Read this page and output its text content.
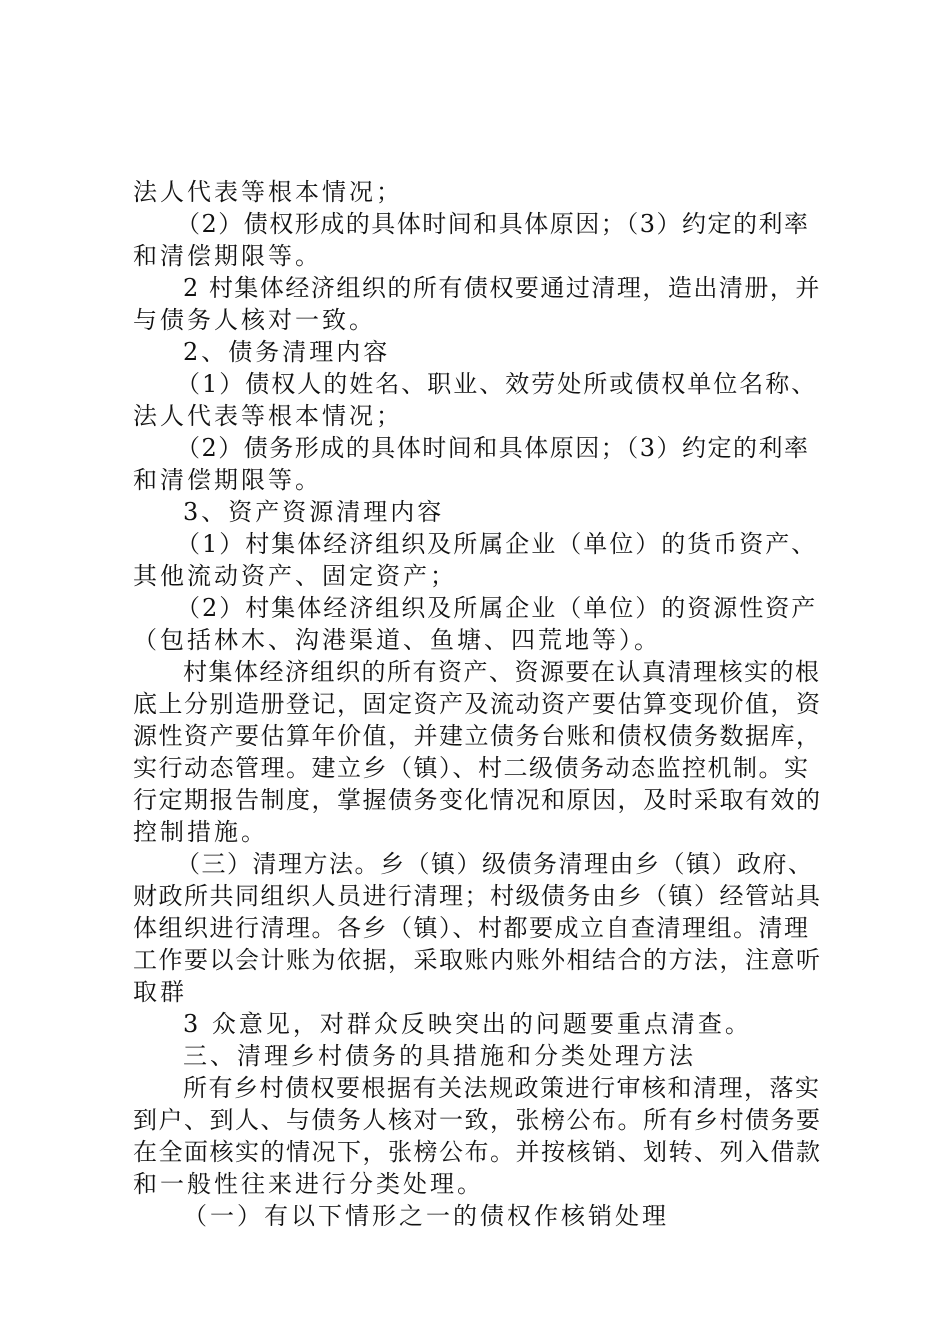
法人代表等根本情况；

（2）债权形成的具体时间和具体原因；（3）约定的利率

和清偿期限等。

2 村集体经济组织的所有债权要通过清理，造出清册，并

与债务人核对一致。

2、债务清理内容

（1）债权人的姓名、职业、效劳处所或债权单位名称、

法人代表等根本情况；

（2）债务形成的具体时间和具体原因；（3）约定的利率

和清偿期限等。

3、资产资源清理内容

（1）村集体经济组织及所属企业（单位）的货币资产、

其他流动资产、固定资产；

（2）村集体经济组织及所属企业（单位）的资源性资产

（包括林木、沟港渠道、鱼塘、四荒地等）。

村集体经济组织的所有资产、资源要在认真清理核实的根

底上分别造册登记，固定资产及流动资产要估算变现价值，资

源性资产要估算年价值，并建立债务台账和债权债务数据库，

实行动态管理。建立乡（镇）、村二级债务动态监控机制。实

行定期报告制度，掌握债务变化情况和原因，及时采取有效的

控制措施。

（三）清理方法。乡（镇）级债务清理由乡（镇）政府、

财政所共同组织人员进行清理；村级债务由乡（镇）经管站具

体组织进行清理。各乡（镇）、村都要成立自查清理组。清理

工作要以会计账为依据，采取账内账外相结合的方法，注意听

取群

3 众意见，对群众反映突出的问题要重点清查。

三、清理乡村债务的具措施和分类处理方法

所有乡村债权要根据有关法规政策进行审核和清理，落实

到户、到人、与债务人核对一致，张榜公布。所有乡村债务要

在全面核实的情况下，张榜公布。并按核销、划转、列入借款

和一般性往来进行分类处理。

（一）有以下情形之一的债权作核销处理
